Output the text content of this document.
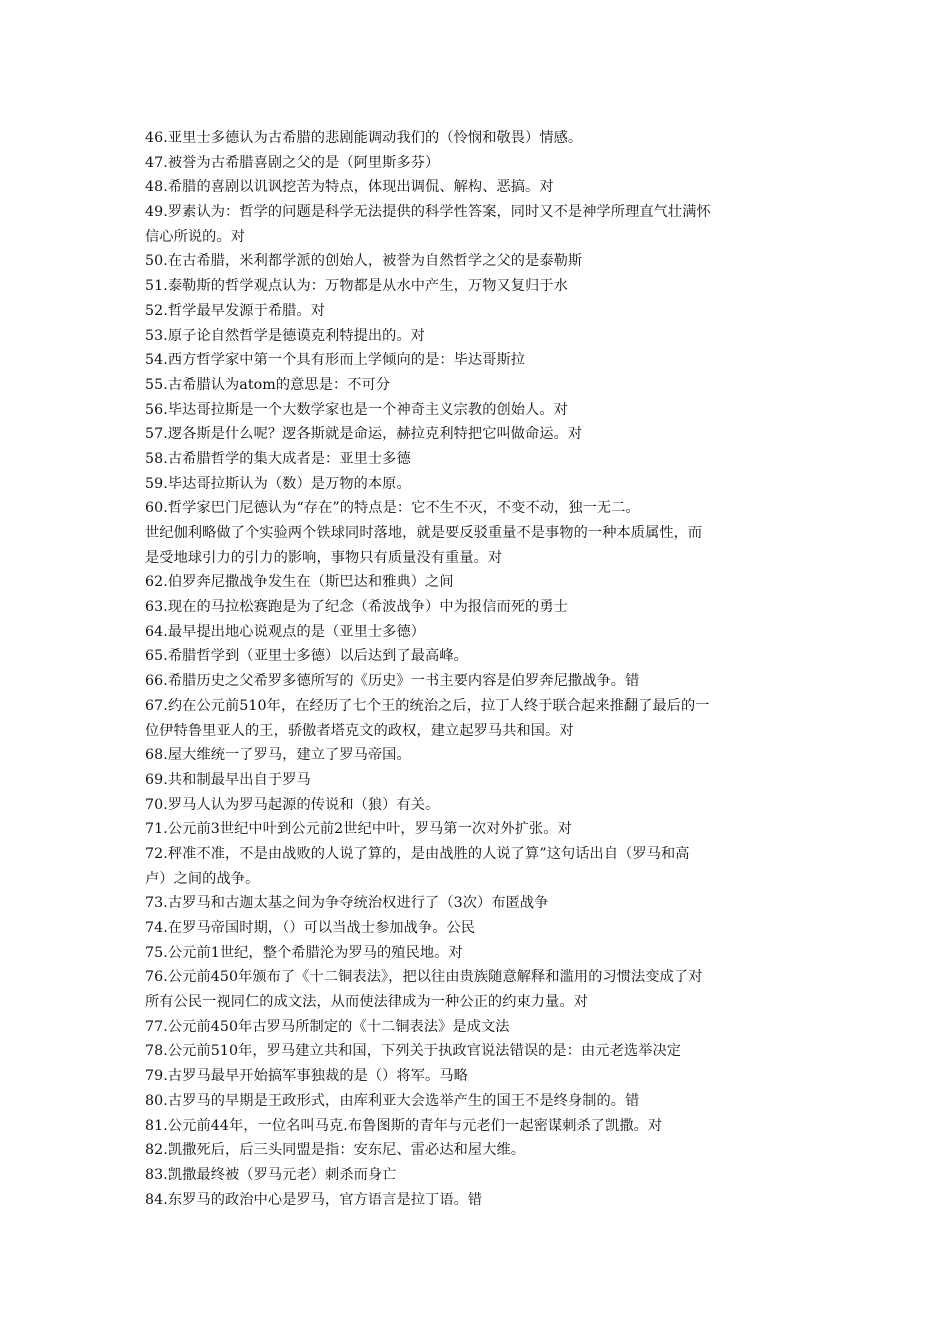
46.亚里士多德认为古希腊的悲剧能调动我们的（怜悯和敬畏）情感。
47.被誉为古希腊喜剧之父的是（阿里斯多芬）
48.希腊的喜剧以讥讽挖苦为特点，体现出调侃、解构、恶搞。对
49.罗素认为：哲学的问题是科学无法提供的科学性答案，同时又不是神学所理直气壮满怀
信心所说的。对
50.在古希腊，米利都学派的创始人，被誉为自然哲学之父的是泰勒斯
51.泰勒斯的哲学观点认为：万物都是从水中产生，万物又复归于水
52.哲学最早发源于希腊。对
53.原子论自然哲学是德谟克利特提出的。对
54.西方哲学家中第一个具有形而上学倾向的是：毕达哥斯拉
55.古希腊认为atom的意思是：不可分
56.毕达哥拉斯是一个大数学家也是一个神奇主义宗教的创始人。对
57.逻各斯是什么呢？逻各斯就是命运，赫拉克利特把它叫做命运。对
58.古希腊哲学的集大成者是：亚里士多德
59.毕达哥拉斯认为（数）是万物的本原。
60.哲学家巴门尼德认为“存在”的特点是：它不生不灭，不变不动，独一无二。
世纪伽利略做了个实验两个铁球同时落地，就是要反驳重量不是事物的一种本质属性，而
是受地球引力的引力的影响，事物只有质量没有重量。对
62.伯罗奔尼撒战争发生在（斯巴达和雅典）之间
63.现在的马拉松赛跑是为了纪念（希波战争）中为报信而死的勇士
64.最早提出地心说观点的是（亚里士多德）
65.希腊哲学到（亚里士多德）以后达到了最高峰。
66.希腊历史之父希罗多德所写的《历史》一书主要内容是伯罗奔尼撒战争。错
67.约在公元前510年，在经历了七个王的统治之后，拉丁人终于联合起来推翻了最后的一
位伊特鲁里亚人的王，骄傲者塔克文的政权，建立起罗马共和国。对
68.屋大维统一了罗马，建立了罗马帝国。
69.共和制最早出自于罗马
70.罗马人认为罗马起源的传说和（狼）有关。
71.公元前3世纪中叶到公元前2世纪中叶，罗马第一次对外扩张。对
72.秤准不准，不是由战败的人说了算的，是由战胜的人说了算”这句话出自（罗马和高
卢）之间的战争。
73.古罗马和古迦太基之间为争夺统治权进行了（3次）布匿战争
74.在罗马帝国时期，（）可以当战士参加战争。公民
75.公元前1世纪，整个希腊沦为罗马的殖民地。对
76.公元前450年颁布了《十二铜表法》，把以往由贵族随意解释和滥用的习惯法变成了对
所有公民一视同仁的成文法，从而使法律成为一种公正的约束力量。对
77.公元前450年古罗马所制定的《十二铜表法》是成文法
78.公元前510年，罗马建立共和国，下列关于执政官说法错误的是：由元老选举决定
79.古罗马最早开始搞军事独裁的是（）将军。马略
80.古罗马的早期是王政形式，由库利亚大会选举产生的国王不是终身制的。错
81.公元前44年，一位名叫马克.布鲁图斯的青年与元老们一起密谋刺杀了凯撒。对
82.凯撒死后，后三头同盟是指：安东尼、雷必达和屋大维。
83.凯撒最终被（罗马元老）刺杀而身亡
84.东罗马的政治中心是罗马，官方语言是拉丁语。错
